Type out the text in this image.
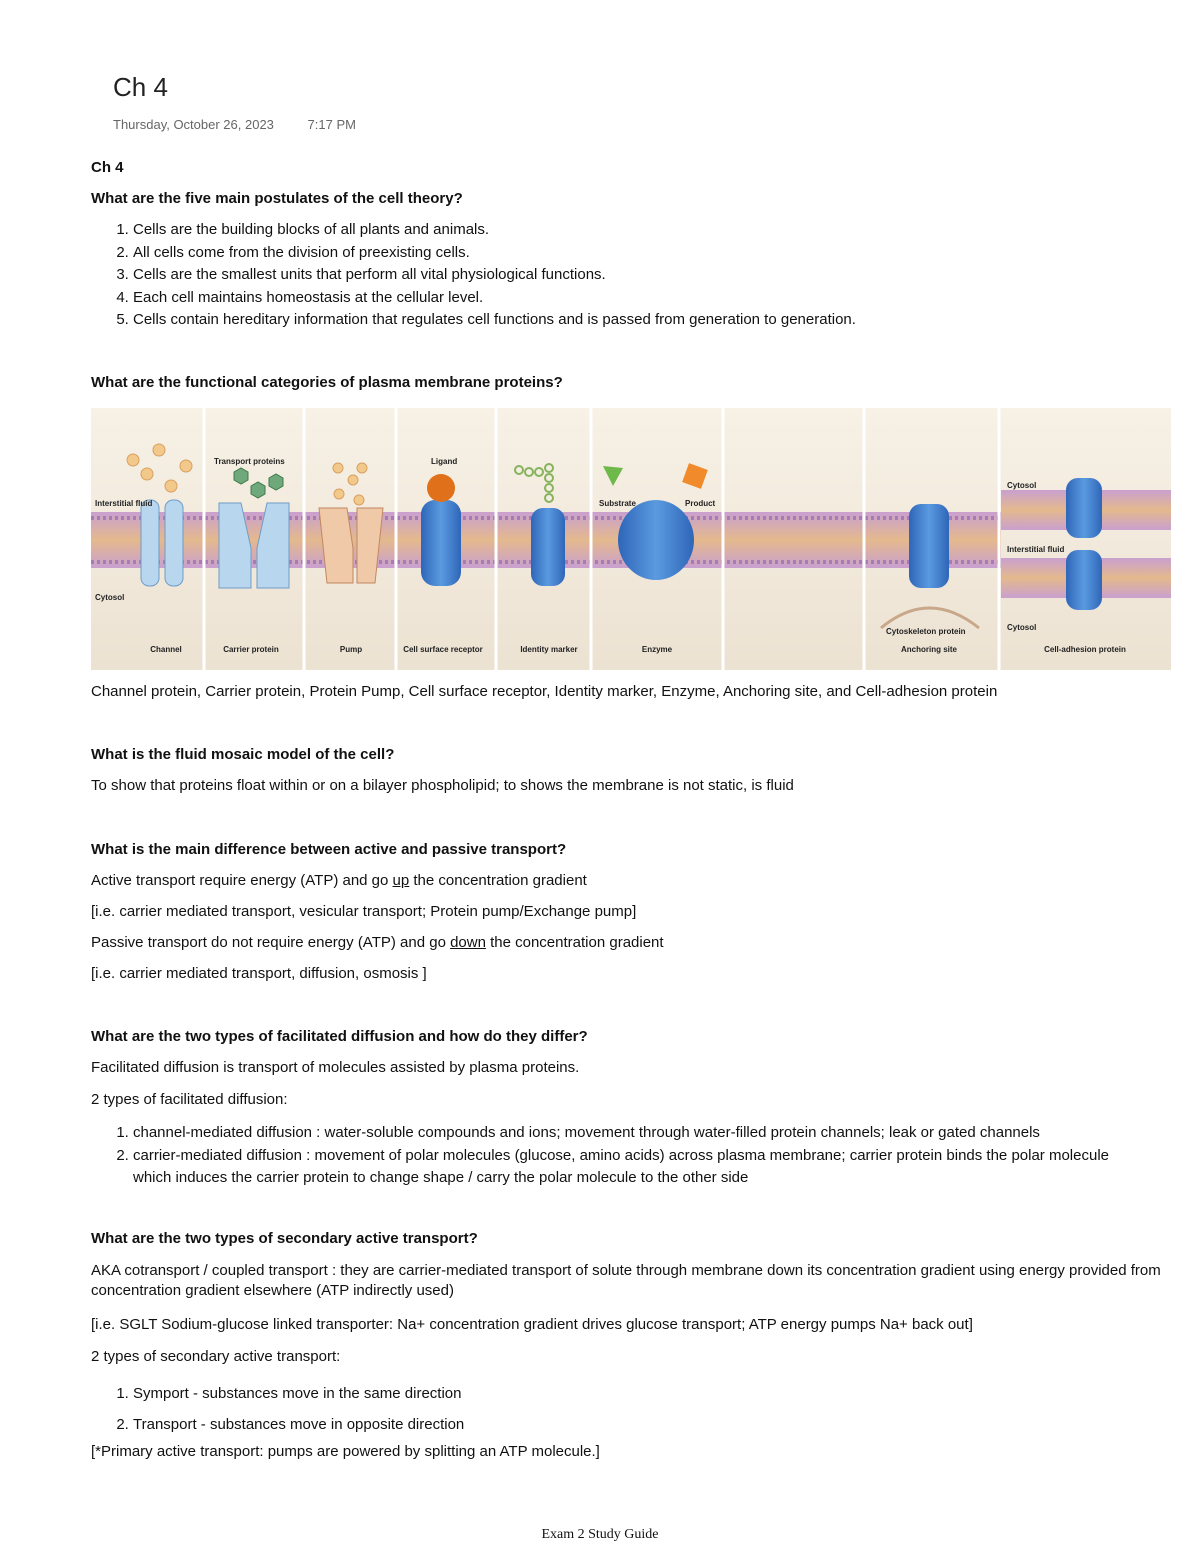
Ch 4
Thursday, October 26, 2023	7:17 PM
Ch 4
What are the five main postulates of the cell theory?
1. Cells are the building blocks of all plants and animals.
2. All cells come from the division of preexisting cells.
3. Cells are the smallest units that perform all vital physiological functions.
4. Each cell maintains homeostasis at the cellular level.
5. Cells contain hereditary information that regulates cell functions and is passed from generation to generation.
What are the functional categories of plasma membrane proteins?
Interstitial fluid
Cytosol
Transport proteins	Ligand
Substrate	Product
Cytoskeleton protein
Cytosol
Interstitial fluid
Cytosol
Channel	Carrier protein	Pump	Cell surface receptor	Identity marker	Enzyme	Anchoring site	Cell-adhesion protein
Channel protein, Carrier protein, Protein Pump, Cell surface receptor, Identity marker, Enzyme, Anchoring site, and Cell-adhesion protein
What is the fluid mosaic model of the cell?
To show that proteins float within or on a bilayer phospholipid; to shows the membrane is not static, is fluid
What is the main difference between active and passive transport?
Active transport require energy (ATP) and go up the concentration gradient
[i.e. carrier mediated transport, vesicular transport; Protein pump/Exchange pump]
Passive transport do not require energy (ATP) and go down the concentration gradient
[i.e. carrier mediated transport, diffusion, osmosis ]
What are the two types of facilitated diffusion and how do they differ?
Facilitated diffusion is transport of molecules assisted by plasma proteins.
2 types of facilitated diffusion:
1. channel-mediated diffusion : water-soluble compounds and ions; movement through water-filled protein channels; leak or gated channels
2. carrier-mediated diffusion : movement of polar molecules (glucose, amino acids) across plasma membrane; carrier protein binds the polar molecule which induces the carrier protein to change shape / carry the polar molecule to the other side
What are the two types of secondary active transport?
AKA cotransport / coupled transport : they are carrier-mediated transport of solute through membrane down its concentration gradient using energy provided from concentration gradient elsewhere (ATP indirectly used)
[i.e. SGLT Sodium-glucose linked transporter: Na+ concentration gradient drives glucose transport; ATP energy pumps Na+ back out]
2 types of secondary active transport:
1. Symport - substances move in the same direction
2. Transport - substances move in opposite direction
[*Primary active transport: pumps are powered by splitting an ATP molecule.]
Exam 2 Study Guide
